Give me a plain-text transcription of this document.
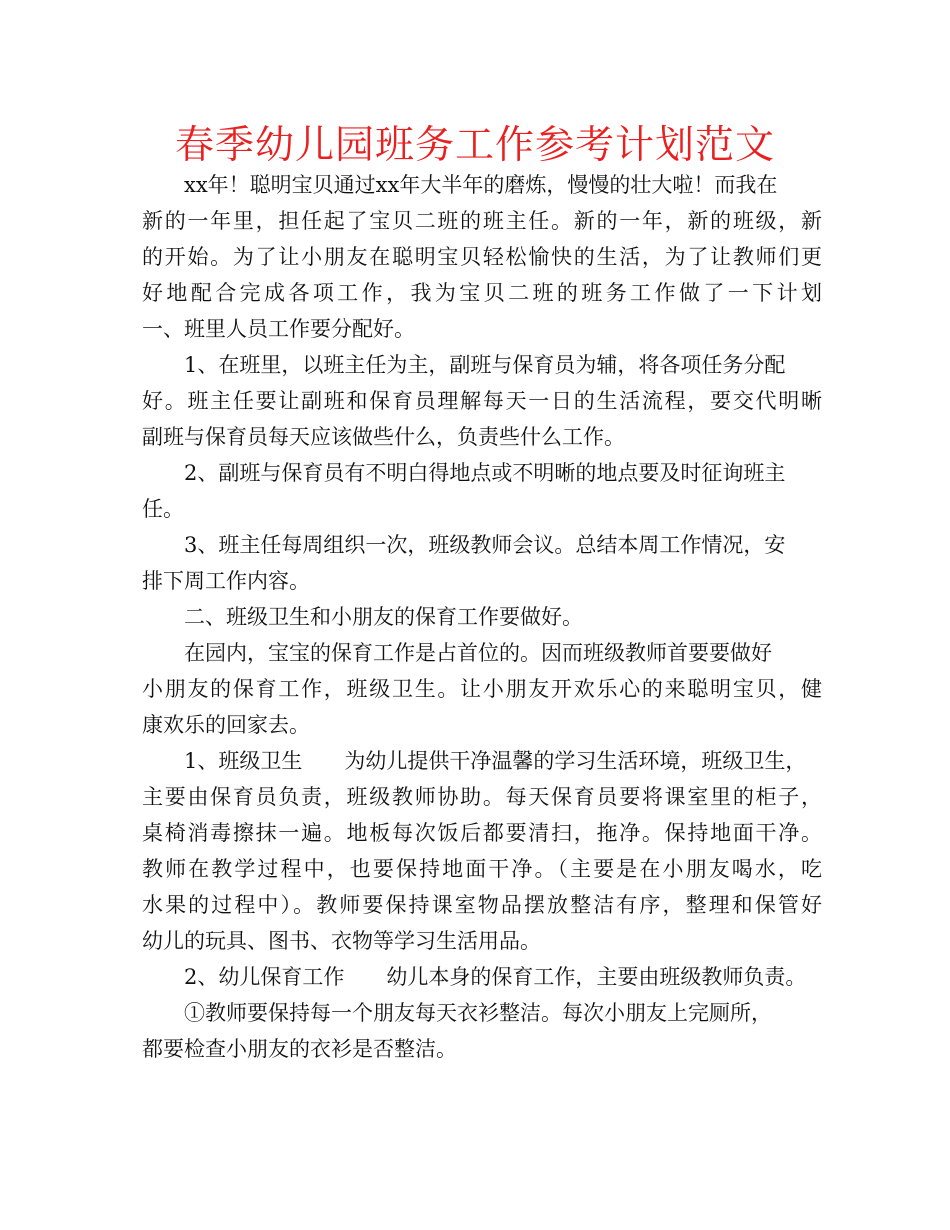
春季幼儿园班务工作参考计划范文
xx年！聪明宝贝通过xx年大半年的磨炼，慢慢的壮大啦！而我在
新的一年里，担任起了宝贝二班的班主任。新的一年，新的班级，新
的开始。为了让小朋友在聪明宝贝轻松愉快的生活，为了让教师们更
好地配合完成各项工作，我为宝贝二班的班务工作做了一下计划
一、班里人员工作要分配好。
1、在班里，以班主任为主，副班与保育员为辅，将各项任务分配
好。班主任要让副班和保育员理解每天一日的生活流程，要交代明晰
副班与保育员每天应该做些什么，负责些什么工作。
2、副班与保育员有不明白得地点或不明晰的地点要及时征询班主
任。
3、班主任每周组织一次，班级教师会议。总结本周工作情况，安
排下周工作内容。
二、班级卫生和小朋友的保育工作要做好。
在园内，宝宝的保育工作是占首位的。因而班级教师首要要做好
小朋友的保育工作，班级卫生。让小朋友开欢乐心的来聪明宝贝，健
康欢乐的回家去。
1、班级卫生　　为幼儿提供干净温馨的学习生活环境，班级卫生，
主要由保育员负责，班级教师协助。每天保育员要将课室里的柜子，
桌椅消毒擦抹一遍。地板每次饭后都要清扫，拖净。保持地面干净。
教师在教学过程中，也要保持地面干净。（主要是在小朋友喝水，吃
水果的过程中）。教师要保持课室物品摆放整洁有序，整理和保管好
幼儿的玩具、图书、衣物等学习生活用品。
2、幼儿保育工作　　幼儿本身的保育工作，主要由班级教师负责。
①教师要保持每一个朋友每天衣衫整洁。每次小朋友上完厕所，
都要检查小朋友的衣衫是否整洁。
